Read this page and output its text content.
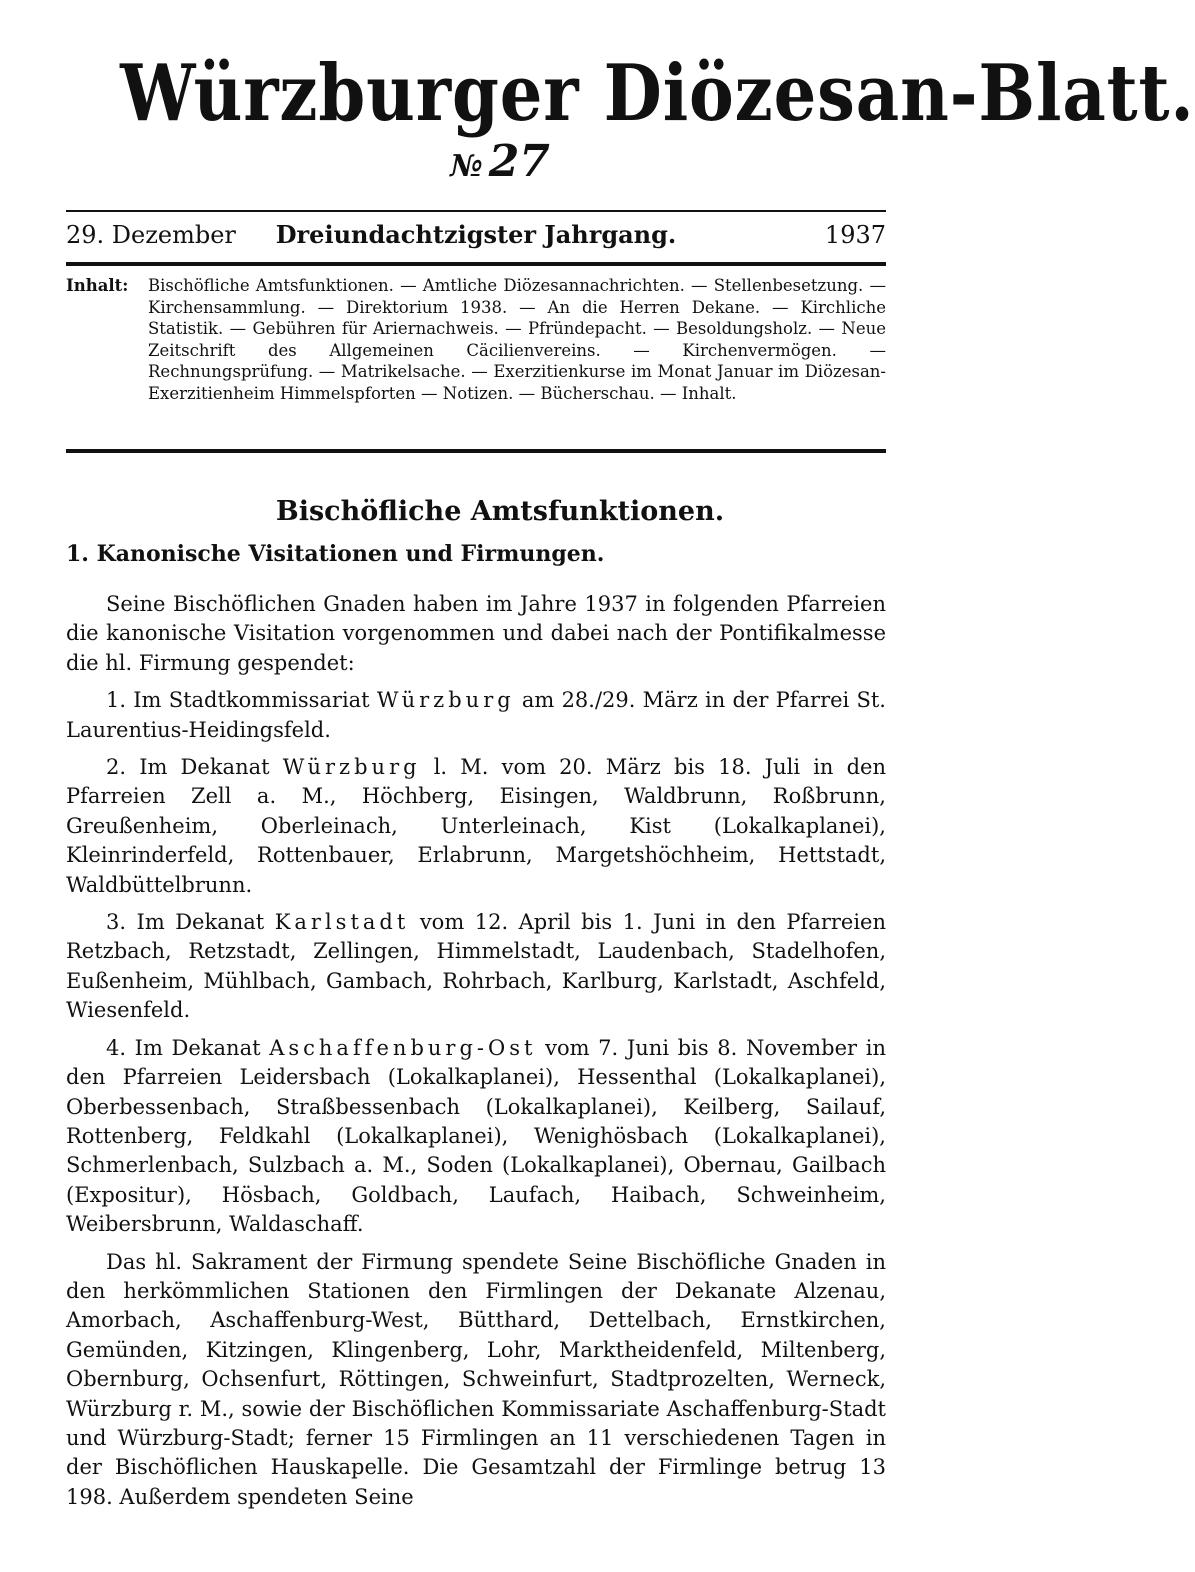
Würzburger Diözesan-Blatt.
№ 27
Dreiundachtzigster Jahrgang.
29. Dezember	1937
Inhalt: Bischöfliche Amtsfunktionen. — Amtliche Diözesannachrichten. — Stellenbesetzung. — Kirchensammlung. — Direktorium 1938. — An die Herren Dekane. — Kirchliche Statistik. — Gebühren für Ariernachweis. — Pfründepacht. — Besoldungsholz. — Neue Zeitschrift des Allgemeinen Cäcilienvereins. — Kirchenvermögen. — Rechnungsprüfung. — Matrikelsache. — Exerzitienkurse im Monat Januar im Diözesan-Exerzitienheim Himmelspforten — Notizen. — Bücherschau. — Inhalt.
Bischöfliche Amtsfunktionen.
1. Kanonische Visitationen und Firmungen.

Seine Bischöflichen Gnaden haben im Jahre 1937 in folgenden Pfarreien die kanonische Visitation vorgenommen und dabei nach der Pontifikalmesse die hl. Firmung gespendet:

1. Im Stadtkommissariat Würzburg am 28./29. März in der Pfarrei St. Laurentius-Heidingsfeld.

2. Im Dekanat Würzburg l. M. vom 20. März bis 18. Juli in den Pfarreien Zell a. M., Höchberg, Eisingen, Waldbrunn, Roßbrunn, Greußenheim, Oberleinach, Unterleinach, Kist (Lokalkaplanei), Kleinrinderfeld, Rottenbauer, Erlabrunn, Margetshöchheim, Hettstadt, Waldbüttelbrunn.

3. Im Dekanat Karlstadt vom 12. April bis 1. Juni in den Pfarreien Retzbach, Retzstadt, Zellingen, Himmelstadt, Laudenbach, Stadelhofen, Eußenheim, Mühlbach, Gambach, Rohrbach, Karlburg, Karlstadt, Aschfeld, Wiesenfeld.

4. Im Dekanat Aschaffenburg-Ost vom 7. Juni bis 8. November in den Pfarreien Leidersbach (Lokalkaplanei), Hessenthal (Lokalkaplanei), Oberbessenbach, Straßbessenbach (Lokalkaplanei), Keilberg, Sailauf, Rottenberg, Feldkahl (Lokalkaplanei), Wenighösbach (Lokalkaplanei), Schmerlenbach, Sulzbach a. M., Soden (Lokalkaplanei), Obernau, Gailbach (Expositur), Hösbach, Goldbach, Laufach, Haibach, Schweinheim, Weibersbrunn, Waldaschaff.

Das hl. Sakrament der Firmung spendete Seine Bischöfliche Gnaden in den herkömmlichen Stationen den Firmlingen der Dekanate Alzenau, Amorbach, Aschaffenburg-West, Bütthard, Dettelbach, Ernstkirchen, Gemünden, Kitzingen, Klingenberg, Lohr, Marktheidenfeld, Miltenberg, Obernburg, Ochsenfurt, Röttingen, Schweinfurt, Stadtprozelten, Werneck, Würzburg r. M., sowie der Bischöflichen Kommissariate Aschaffenburg-Stadt und Würzburg-Stadt; ferner 15 Firmlingen an 11 verschiedenen Tagen in der Bischöflichen Hauskapelle. Die Gesamtzahl der Firmlinge betrug 13 198. Außerdem spendeten Seine
